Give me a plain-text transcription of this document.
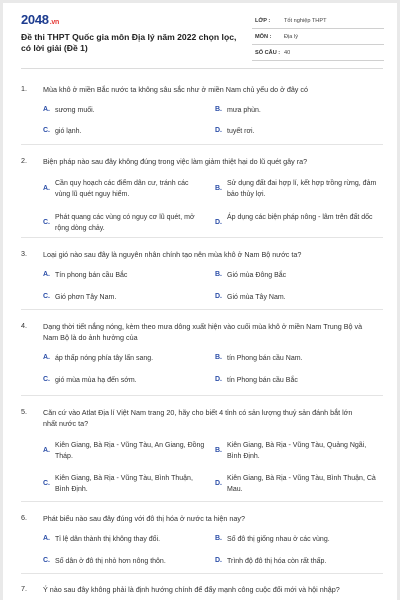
2048.vn
Đề thi THPT Quốc gia môn Địa lý năm 2022 chọn lọc, có lời giải (Đề 1)
LỚP : Tốt nghiệp THPT
MÔN : Địa lý
SỐ CÂU : 40
1. Mùa khô ở miền Bắc nước ta không sâu sắc như ở miền Nam chủ yếu do ở đây có
A. sương muối.	B. mưa phùn.
C. gió lạnh.	D. tuyết rơi.
2. Biện pháp nào sau đây không đúng trong việc làm giảm thiệt hại do lũ quét gây ra?
A.
Cần quy hoạch các điểm dân cư, tránh các vùng lũ quét nguy hiểm.
B.
Sử dụng đất đai hợp lí, kết hợp trồng rừng, đảm bảo thủy lợi.
C.
Phát quang các vùng có nguy cơ lũ quét, mở rộng dòng chảy.
D.
Áp dụng các biện pháp nông - lâm trên đất dốc
3. Loại gió nào sau đây là nguyên nhân chính tạo nên mùa khô ở Nam Bộ nước ta?
A. Tín phong bán cầu Bắc	B. Gió mùa Đông Bắc
C. Gió phơn Tây Nam.	D. Gió mùa Tây Nam.
4. Dạng thời tiết nắng nóng, kèm theo mưa dông xuất hiện vào cuối mùa khô ở miền Nam Trung Bộ và Nam Bộ là do ảnh hưởng của
A. áp thấp nóng phía tây lấn sang.	B. tín Phong bán cầu Nam.
C. gió mùa mùa hạ đến sớm.	D. tín Phong bán cầu Bắc
5. Căn cứ vào Atlat Địa lí Việt Nam trang 20, hãy cho biết 4 tỉnh có sản lượng thuỷ sản đánh bắt lớn nhất nước ta?
A.
Kiên Giang, Bà Rịa - Vũng Tàu, An Giang, Đồng Tháp.
B.
Kiên Giang, Bà Rịa - Vũng Tàu, Quảng Ngãi, Bình Định.
C.
Kiên Giang, Bà Rịa - Vũng Tàu, Bình Thuận, Bình Định.
D.
Kiên Giang, Bà Rịa - Vũng Tàu, Bình Thuận, Cà Mau.
6. Phát biểu nào sau đây đúng với đô thị hóa ở nước ta hiện nay?
A. Tỉ lệ dân thành thị không thay đổi.	B. Số đô thị giống nhau ở các vùng.
C. Số dân ở đô thị nhỏ hơn nông thôn.	D. Trình độ đô thị hóa còn rất thấp.
7. Ý nào sau đây không phải là định hướng chính để đẩy mạnh công cuộc đổi mới và hội nhập?
